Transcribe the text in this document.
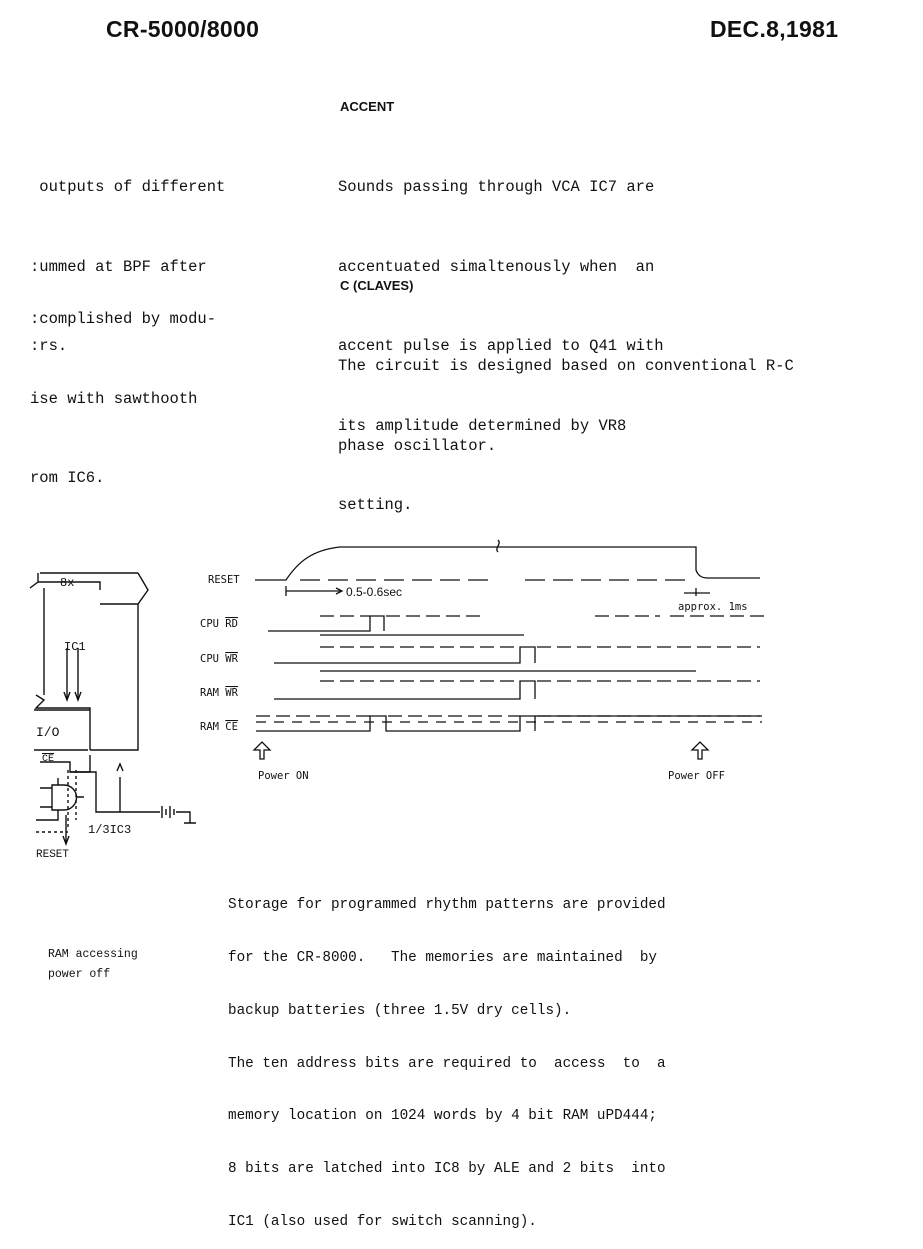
CR-5000/8000	DEC.8,1981

outputs of different

:ummed at BPF after

:rs.

:complished by modu-

ise with sawthooth

rom IC6.

ACCENT

Sounds passing through VCA IC7 are

accentuated simaltenously when  an

accent pulse is applied to Q41 with

its amplitude determined by VR8

setting.

C (CLAVES)

The circuit is designed based on conventional R-C

phase oscillator.

8x
IC1
I/O
CE
1/3IC3
RESET
RESET
0.5-0.6sec
approx. 1ms
CPU RD
CPU WR
RAM WR
RAM CE
Power ON	Power OFF
RAM accessing
power off

Storage for programmed rhythm patterns are provided

for the CR-8000.   The memories are maintained  by

backup batteries (three 1.5V dry cells).

The ten address bits are required to  access  to  a

memory location on 1024 words by 4 bit RAM uPD444;

8 bits are latched into IC8 by ALE and 2 bits  into

IC1 (also used for switch scanning).
